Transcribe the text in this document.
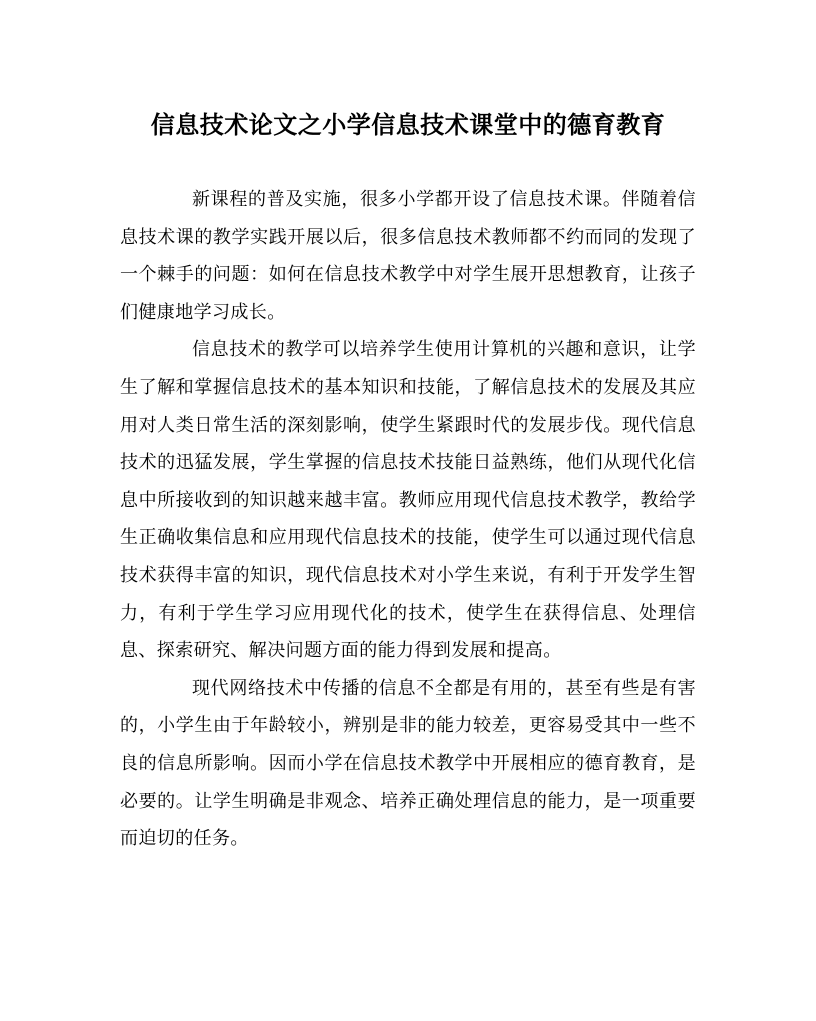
信息技术论文之小学信息技术课堂中的德育教育

新课程的普及实施，很多小学都开设了信息技术课。伴随着信息技术课的教学实践开展以后，很多信息技术教师都不约而同的发现了一个棘手的问题：如何在信息技术教学中对学生展开思想教育，让孩子们健康地学习成长。

信息技术的教学可以培养学生使用计算机的兴趣和意识，让学生了解和掌握信息技术的基本知识和技能，了解信息技术的发展及其应用对人类日常生活的深刻影响，使学生紧跟时代的发展步伐。现代信息技术的迅猛发展，学生掌握的信息技术技能日益熟练，他们从现代化信息中所接收到的知识越来越丰富。教师应用现代信息技术教学，教给学生正确收集信息和应用现代信息技术的技能，使学生可以通过现代信息技术获得丰富的知识，现代信息技术对小学生来说，有利于开发学生智力，有利于学生学习应用现代化的技术，使学生在获得信息、处理信息、探索研究、解决问题方面的能力得到发展和提高。

现代网络技术中传播的信息不全都是有用的，甚至有些是有害的，小学生由于年龄较小，辨别是非的能力较差，更容易受其中一些不良的信息所影响。因而小学在信息技术教学中开展相应的德育教育，是必要的。让学生明确是非观念、培养正确处理信息的能力，是一项重要而迫切的任务。
